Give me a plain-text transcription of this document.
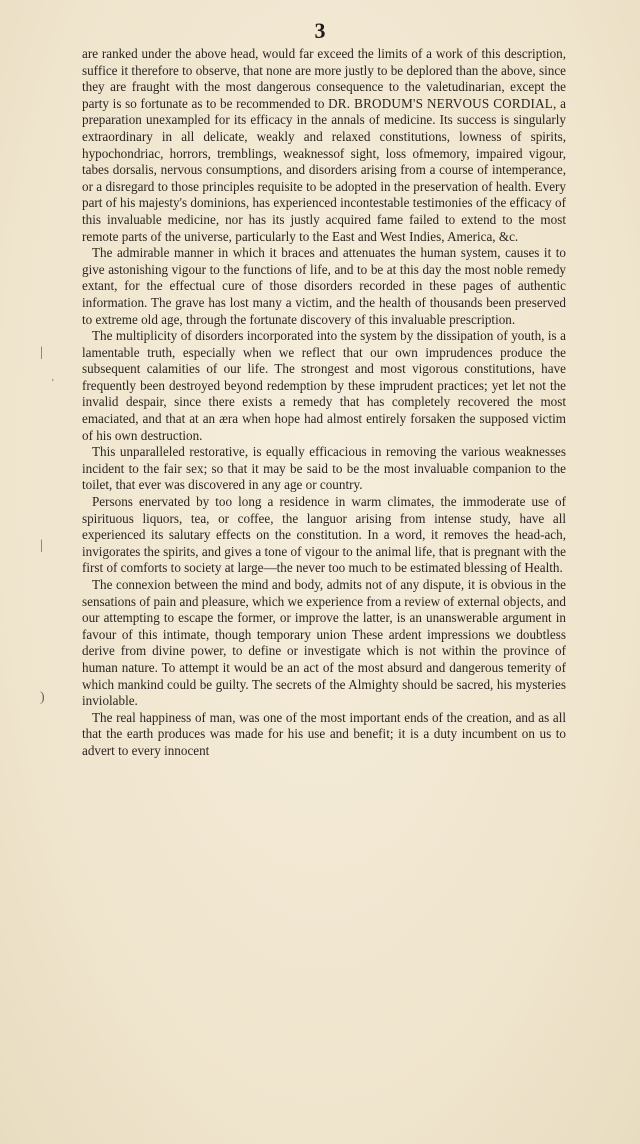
3
|
'
|
)

are ranked under the above head, would far exceed the limits of a work of this description, suffice it therefore to observe, that none are more justly to be deplored than the above, since they are fraught with the most dangerous consequence to the valetudinarian, except the party is so fortunate as to be recommended to DR. BRODUM'S NERVOUS CORDIAL, a preparation unexampled for its efficacy in the annals of medicine. Its success is singularly extraordinary in all delicate, weakly and relaxed constitutions, lowness of spirits, hypochondriac, horrors, tremblings, weaknessof sight, loss ofmemory, impaired vigour, tabes dorsalis, nervous consumptions, and disorders arising from a course of intemperance, or a disregard to those principles requisite to be adopted in the preservation of health. Every part of his majesty's dominions, has experienced incontestable testimonies of the efficacy of this invaluable medicine, nor has its justly acquired fame failed to extend to the most remote parts of the universe, particularly to the East and West Indies, America, &c.

The admirable manner in which it braces and attenuates the human system, causes it to give astonishing vigour to the functions of life, and to be at this day the most noble remedy extant, for the effectual cure of those disorders recorded in these pages of authentic information. The grave has lost many a victim, and the health of thousands been preserved to extreme old age, through the fortunate discovery of this invaluable prescription.

The multiplicity of disorders incorporated into the system by the dissipation of youth, is a lamentable truth, especially when we reflect that our own imprudences produce the subsequent calamities of our life. The strongest and most vigorous constitutions, have frequently been destroyed beyond redemption by these imprudent practices; yet let not the invalid despair, since there exists a remedy that has completely recovered the most emaciated, and that at an æra when hope had almost entirely forsaken the supposed victim of his own destruction.

This unparalleled restorative, is equally efficacious in removing the various weaknesses incident to the fair sex; so that it may be said to be the most invaluable companion to the toilet, that ever was discovered in any age or country.

Persons enervated by too long a residence in warm climates, the immoderate use of spirituous liquors, tea, or coffee, the languor arising from intense study, have all experienced its salutary effects on the constitution. In a word, it removes the head-ach, invigorates the spirits, and gives a tone of vigour to the animal life, that is pregnant with the first of comforts to society at large—the never too much to be estimated blessing of Health.

The connexion between the mind and body, admits not of any dispute, it is obvious in the sensations of pain and pleasure, which we experience from a review of external objects, and our attempting to escape the former, or improve the latter, is an unanswerable argument in favour of this intimate, though temporary union These ardent impressions we doubtless derive from divine power, to define or investigate which is not within the province of human nature. To attempt it would be an act of the most absurd and dangerous temerity of which mankind could be guilty. The secrets of the Almighty should be sacred, his mysteries inviolable.

The real happiness of man, was one of the most important ends of the creation, and as all that the earth produces was made for his use and benefit; it is a duty incumbent on us to advert to every innocent
